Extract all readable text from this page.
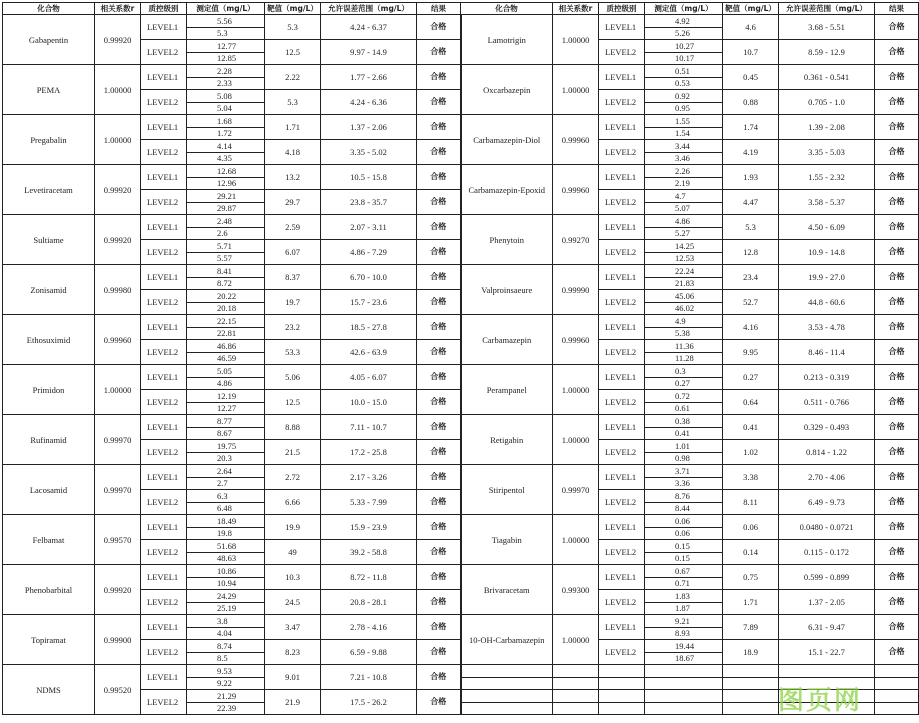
化合物	相关系数r	质控级别	测定值（mg/L）	靶值（mg/L）	允许误差范围（mg/L）	结果	化合物	相关系数r	质控级别	测定值（mg/L）	靶值（mg/L）	允许误差范围（mg/L）	结果
Gabapentin	0.99920	LEVEL1	5.56	5.3	4.24 - 6.37	合格	Lamotrigin	1.00000	LEVEL1	4.92	4.6	3.68 - 5.51	合格
			5.3							5.26			
		LEVEL2	12.77	12.5	9.97 - 14.9	合格			LEVEL2	10.27	10.7	8.59 - 12.9	合格
			12.85							10.17			
PEMA	1.00000	LEVEL1	2.28	2.22	1.77 - 2.66	合格	Oxcarbazepin	1.00000	LEVEL1	0.51	0.45	0.361 - 0.541	合格
			2.33							0.53			
		LEVEL2	5.08	5.3	4.24 - 6.36	合格			LEVEL2	0.92	0.88	0.705 - 1.0	合格
			5.04							0.95			
Pregabalin	1.00000	LEVEL1	1.68	1.71	1.37 - 2.06	合格	Carbamazepin-Diol	0.99960	LEVEL1	1.55	1.74	1.39 - 2.08	合格
			1.72							1.54			
		LEVEL2	4.14	4.18	3.35 - 5.02	合格			LEVEL2	3.44	4.19	3.35 - 5.03	合格
			4.35							3.46			
Levetiracetam	0.99920	LEVEL1	12.68	13.2	10.5 - 15.8	合格	Carbamazepin-Epoxid	0.99960	LEVEL1	2.26	1.93	1.55 - 2.32	合格
			12.96							2.19			
		LEVEL2	29.21	29.7	23.8 - 35.7	合格			LEVEL2	4.7	4.47	3.58 - 5.37	合格
			29.87							5.07			
Sultiame	0.99920	LEVEL1	2.48	2.59	2.07 - 3.11	合格	Phenytoin	0.99270	LEVEL1	4.86	5.3	4.50 - 6.09	合格
			2.6							5.27			
		LEVEL2	5.71	6.07	4.86 - 7.29	合格			LEVEL2	14.25	12.8	10.9 - 14.8	合格
			5.57							12.53			
Zonisamid	0.99980	LEVEL1	8.41	8.37	6.70 - 10.0	合格	Valproinsaeure	0.99990	LEVEL1	22.24	23.4	19.9 - 27.0	合格
			8.72							21.83			
		LEVEL2	20.22	19.7	15.7 - 23.6	合格			LEVEL2	45.06	52.7	44.8 - 60.6	合格
			20.18							46.02			
Ethosuximid	0.99960	LEVEL1	22.15	23.2	18.5 - 27.8	合格	Carbamazepin	0.99960	LEVEL1	4.9	4.16	3.53 - 4.78	合格
			22.81							5.38			
		LEVEL2	46.86	53.3	42.6 - 63.9	合格			LEVEL2	11.36	9.95	8.46 - 11.4	合格
			46.59							11.28			
Primidon	1.00000	LEVEL1	5.05	5.06	4.05 - 6.07	合格	Perampanel	1.00000	LEVEL1	0.3	0.27	0.213 - 0.319	合格
			4.86							0.27			
		LEVEL2	12.19	12.5	10.0 - 15.0	合格			LEVEL2	0.72	0.64	0.511 - 0.766	合格
			12.27							0.61			
Rufinamid	0.99970	LEVEL1	8.77	8.88	7.11 - 10.7	合格	Retigabin	1.00000	LEVEL1	0.38	0.41	0.329 - 0.493	合格
			8.67							0.41			
		LEVEL2	19.75	21.5	17.2 - 25.8	合格			LEVEL2	1.01	1.02	0.814 - 1.22	合格
			20.3							0.98			
Lacosamid	0.99970	LEVEL1	2.64	2.72	2.17 - 3.26	合格	Stiripentol	0.99970	LEVEL1	3.71	3.38	2.70 - 4.06	合格
			2.7							3.36			
		LEVEL2	6.3	6.66	5.33 - 7.99	合格			LEVEL2	8.76	8.11	6.49 - 9.73	合格
			6.48							8.44			
Felbamat	0.99570	LEVEL1	18.49	19.9	15.9 - 23.9	合格	Tiagabin	1.00000	LEVEL1	0.06	0.06	0.0480 - 0.0721	合格
			19.8							0.06			
		LEVEL2	51.68	49	39.2 - 58.8	合格			LEVEL2	0.15	0.14	0.115 - 0.172	合格
			48.63							0.15			
Phenobarbital	0.99920	LEVEL1	10.86	10.3	8.72 - 11.8	合格	Brivaracetam	0.99300	LEVEL1	0.67	0.75	0.599 - 0.899	合格
			10.94							0.71			
		LEVEL2	24.29	24.5	20.8 - 28.1	合格			LEVEL2	1.83	1.71	1.37 - 2.05	合格
			25.19							1.87			
Topiramat	0.99900	LEVEL1	3.8	3.47	2.78 - 4.16	合格	10-OH-Carbamazepin	1.00000	LEVEL1	9.21	7.89	6.31 - 9.47	合格
			4.04							8.93			
		LEVEL2	8.74	8.23	6.59 - 9.88	合格			LEVEL2	19.44	18.9	15.1 - 22.7	合格
			8.5							18.67			
NDMS	0.99520	LEVEL1	9.53	9.01	7.21 - 10.8	合格							
			9.22										
		LEVEL2	21.29	21.9	17.5 - 26.2	合格							
			22.39											图页网
